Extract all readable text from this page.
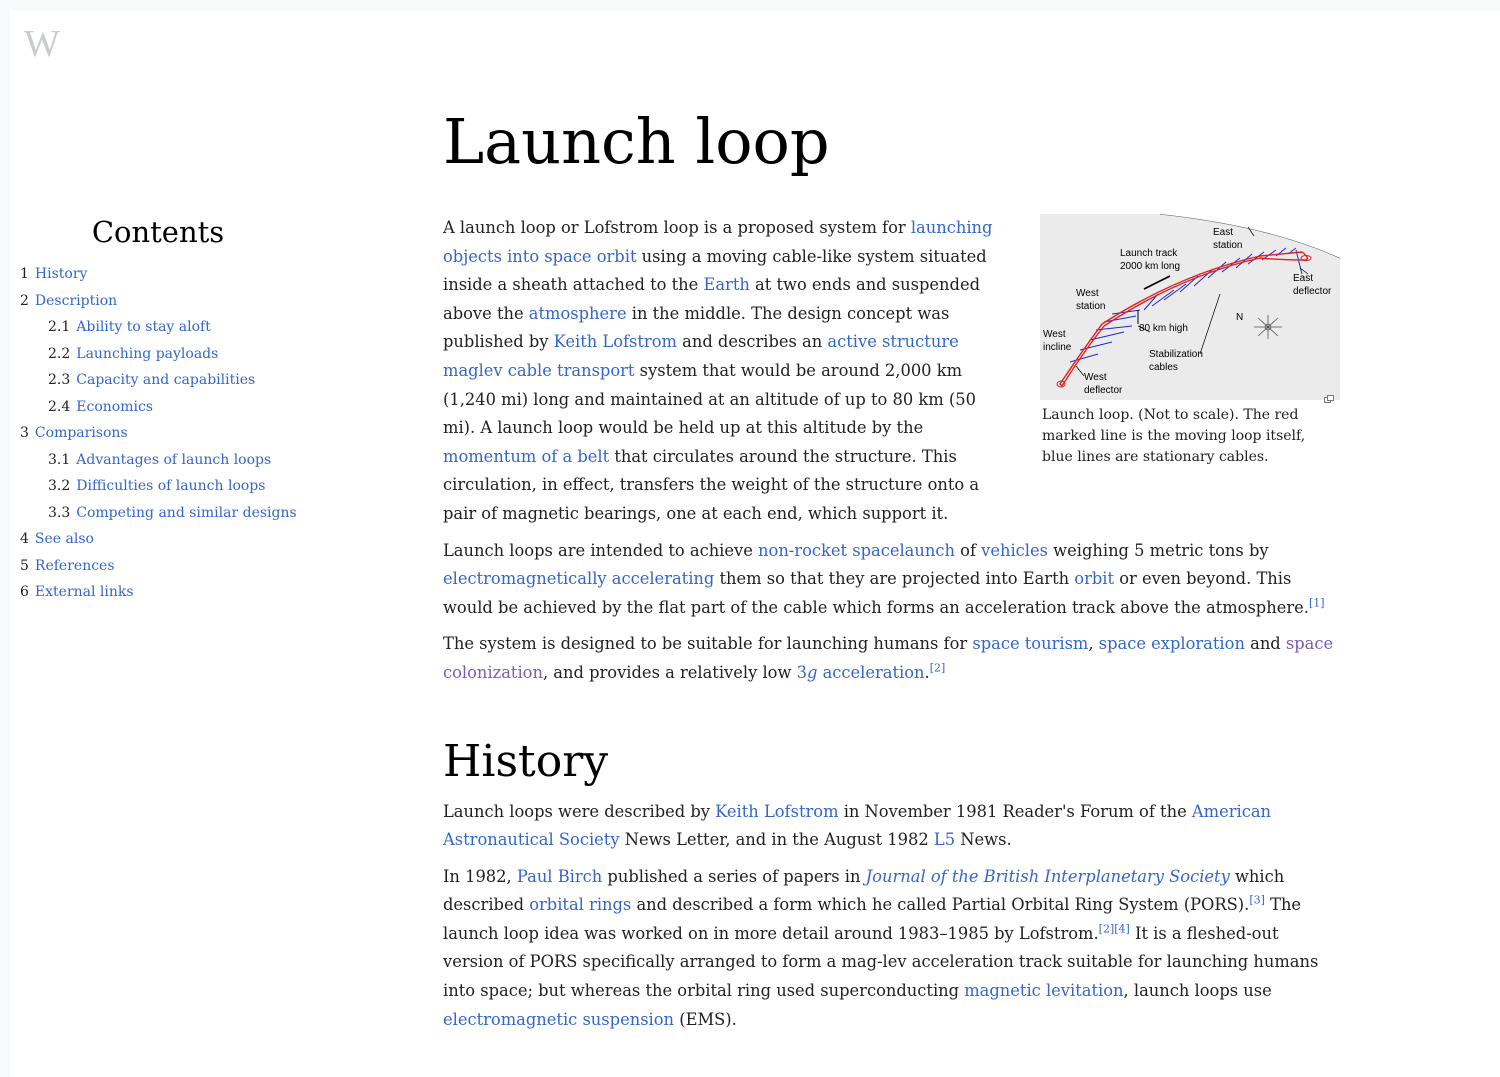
W
Launch loop
Contents
1 History
2 Description
2.1 Ability to stay aloft
2.2 Launching payloads
2.3 Capacity and capabilities
2.4 Economics
3 Comparisons
3.1 Advantages of launch loops
3.2 Difficulties of launch loops
3.3 Competing and similar designs
4 See also
5 References
6 External links
East station
Launch track 2000 km long
West station
East deflector
West incline
80 km high
Stabilization cables
West deflector
N
Launch loop. (Not to scale). The red marked line is the moving loop itself, blue lines are stationary cables.

A launch loop or Lofstrom loop is a proposed system for launching objects into space orbit using a moving cable-like system situated inside a sheath attached to the Earth at two ends and suspended above the atmosphere in the middle. The design concept was published by Keith Lofstrom and describes an active structure maglev cable transport system that would be around 2,000 km (1,240 mi) long and maintained at an altitude of up to 80 km (50 mi). A launch loop would be held up at this altitude by the momentum of a belt that circulates around the structure. This circulation, in effect, transfers the weight of the structure onto a pair of magnetic bearings, one at each end, which support it.

Launch loops are intended to achieve non-rocket spacelaunch of vehicles weighing 5 metric tons by electromagnetically accelerating them so that they are projected into Earth orbit or even beyond. This would be achieved by the flat part of the cable which forms an acceleration track above the atmosphere.[1]

The system is designed to be suitable for launching humans for space tourism, space exploration and space colonization, and provides a relatively low 3g acceleration.[2]

History

Launch loops were described by Keith Lofstrom in November 1981 Reader's Forum of the American Astronautical Society News Letter, and in the August 1982 L5 News.

In 1982, Paul Birch published a series of papers in Journal of the British Interplanetary Society which described orbital rings and described a form which he called Partial Orbital Ring System (PORS).[3] The launch loop idea was worked on in more detail around 1983–1985 by Lofstrom.[2][4] It is a fleshed-out version of PORS specifically arranged to form a mag-lev acceleration track suitable for launching humans into space; but whereas the orbital ring used superconducting magnetic levitation, launch loops use electromagnetic suspension (EMS).
